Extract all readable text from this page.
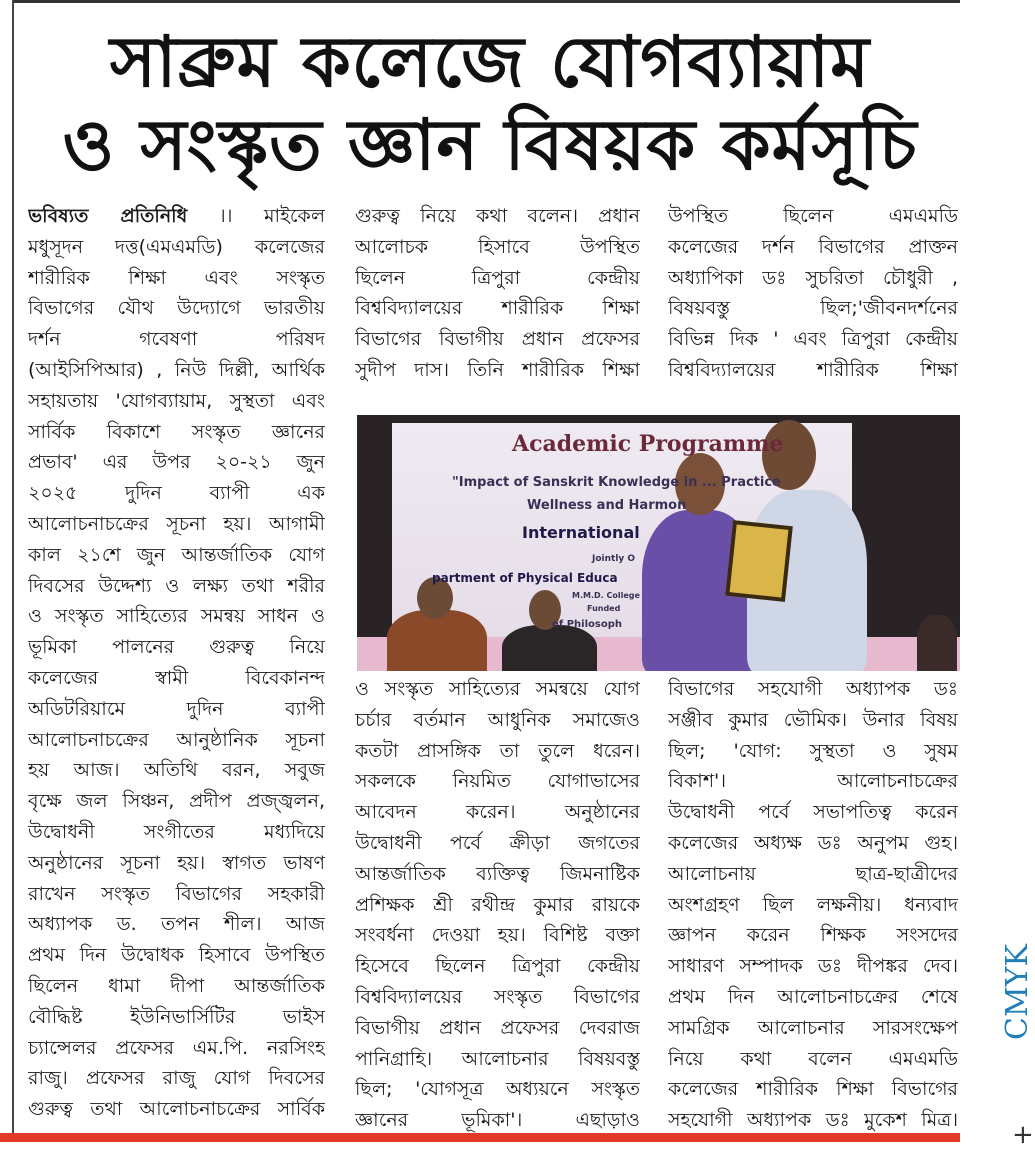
সাব্রুম কলেজে যোগব্যায়াম
ও সংস্কৃত জ্ঞান বিষয়ক কর্মসূচি
ভবিষ্যত প্রতিনিধি ।। মাইকেল
মধুসূদন দত্ত(এমএমডি) কলেজের
শারীরিক শিক্ষা এবং সংস্কৃত
বিভাগের যৌথ উদ্যোগে ভারতীয়
দর্শন গবেষণা পরিষদ
(আইসিপিআর) , নিউ দিল্লী, আর্থিক
সহায়তায় 'যোগব্যায়াম, সুস্থতা এবং
সার্বিক বিকাশে সংস্কৃত জ্ঞানের
প্রভাব' এর উপর ২০-২১ জুন
২০২৫ দুদিন ব্যাপী এক
আলোচনাচক্রের সূচনা হয়। আগামী
কাল ২১শে জুন আন্তর্জাতিক যোগ
দিবসের উদ্দেশ্য ও লক্ষ্য তথা শরীর
ও সংস্কৃত সাহিত্যের সমন্বয় সাধন ও
ভূমিকা পালনের গুরুত্ব নিয়ে
কলেজের স্বামী বিবেকানন্দ
অডিটরিয়ামে দুদিন ব্যাপী
আলোচনাচক্রের আনুষ্ঠানিক সূচনা
হয় আজ। অতিথি বরন, সবুজ
বৃক্ষে জল সিঞ্চন, প্রদীপ প্রজ্জ্বলন,
উদ্বোধনী সংগীতের মধ্যদিয়ে
অনুষ্ঠানের সূচনা হয়। স্বাগত ভাষণ
রাখেন সংস্কৃত বিভাগের সহকারী
অধ্যাপক ড. তপন শীল। আজ
প্রথম দিন উদ্বোধক হিসাবে উপস্থিত
ছিলেন ধামা দীপা আন্তর্জাতিক
বৌদ্ধিষ্ট ইউনিভার্সিটির ভাইস
চ্যান্সেলর প্রফেসর এম.পি. নরসিংহ
রাজু। প্রফেসর রাজু যোগ দিবসের
গুরুত্ব তথা আলোচনাচক্রের সার্বিক
গুরুত্ব নিয়ে কথা বলেন। প্রধান
আলোচক হিসাবে উপস্থিত
ছিলেন ত্রিপুরা কেন্দ্রীয়
বিশ্ববিদ্যালয়ের শারীরিক শিক্ষা
বিভাগের বিভাগীয় প্রধান প্রফেসর
সুদীপ দাস। তিনি শারীরিক শিক্ষা
উপস্থিত ছিলেন এমএমডি
কলেজের দর্শন বিভাগের প্রাক্তন
অধ্যাপিকা ডঃ সুচরিতা চৌধুরী ,
বিষয়বস্তু ছিল;'জীবনদর্শনের
বিভিন্ন দিক ' এবং ত্রিপুরা কেন্দ্রীয়
বিশ্ববিদ্যালয়ের শারীরিক শিক্ষা
Academic Programme
"Impact of Sanskrit Knowledge in ... Practice
Wellness and Harmon
International
Jointly O
partment of Physical Educa
M.M.D. College
Funded
of Philosoph
ও সংস্কৃত সাহিত্যের সমন্বয়ে যোগ
চর্চার বর্তমান আধুনিক সমাজেও
কতটা প্রাসঙ্গিক তা তুলে ধরেন।
সকলকে নিয়মিত যোগাভাসের
আবেদন করেন। অনুষ্ঠানের
উদ্বোধনী পর্বে ক্রীড়া জগতের
আন্তর্জাতিক ব্যক্তিত্ব জিমনাষ্টিক
প্রশিক্ষক শ্রী রথীন্দ্র কুমার রায়কে
সংবর্ধনা দেওয়া হয়। বিশিষ্ট বক্তা
হিসেবে ছিলেন ত্রিপুরা কেন্দ্রীয়
বিশ্ববিদ্যালয়ের সংস্কৃত বিভাগের
বিভাগীয় প্রধান প্রফেসর দেবরাজ
পানিগ্রাহি। আলোচনার বিষয়বস্তু
ছিল; 'যোগসূত্র অধ্যয়নে সংস্কৃত
জ্ঞানের ভূমিকা'। এছাড়াও
বিভাগের সহযোগী অধ্যাপক ডঃ
সঞ্জীব কুমার ভৌমিক। উনার বিষয়
ছিল; 'যোগ: সুস্থতা ও সুষম
বিকাশ'। আলোচনাচক্রের
উদ্বোধনী পর্বে সভাপতিত্ব করেন
কলেজের অধ্যক্ষ ডঃ অনুপম গুহ।
আলোচনায় ছাত্র-ছাত্রীদের
অংশগ্রহণ ছিল লক্ষনীয়। ধন্যবাদ
জ্ঞাপন করেন শিক্ষক সংসদের
সাধারণ সম্পাদক ডঃ দীপঙ্কর দেব।
প্রথম দিন আলোচনাচক্রের শেষে
সামগ্রিক আলোচনার সারসংক্ষেপ
নিয়ে কথা বলেন এমএমডি
কলেজের শারীরিক শিক্ষা বিভাগের
সহযোগী অধ্যাপক ডঃ মুকেশ মিত্র।
CMYK
+
